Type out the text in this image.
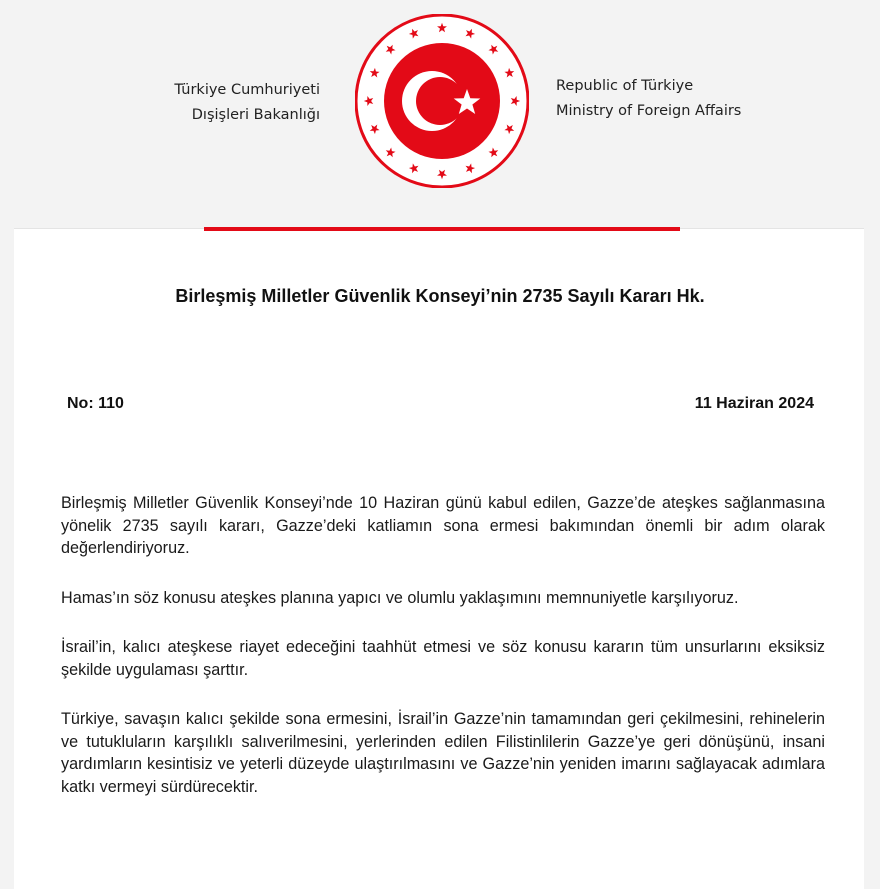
Türkiye Cumhuriyeti
Dışişleri Bakanlığı
Republic of Türkiye
Ministry of Foreign Affairs
Birleşmiş Milletler Güvenlik Konseyi’nin 2735 Sayılı Kararı Hk.
No: 110	11 Haziran 2024

Birleşmiş Milletler Güvenlik Konseyi’nde 10 Haziran günü kabul edilen, Gazze’de ateşkes sağlanmasına yönelik 2735 sayılı kararı, Gazze’deki katliamın sona ermesi bakımından önemli bir adım olarak değerlendiriyoruz.

Hamas’ın söz konusu ateşkes planına yapıcı ve olumlu yaklaşımını memnuniyetle karşılıyoruz.

İsrail’in, kalıcı ateşkese riayet edeceğini taahhüt etmesi ve söz konusu kararın tüm unsurlarını eksiksiz şekilde uygulaması şarttır.

Türkiye, savaşın kalıcı şekilde sona ermesini, İsrail’in Gazze’nin tamamından geri çekilmesini, rehinelerin ve tutukluların karşılıklı salıverilmesini, yerlerinden edilen Filistinlilerin Gazze’ye geri dönüşünü, insani yardımların kesintisiz ve yeterli düzeyde ulaştırılmasını ve Gazze’nin yeniden imarını sağlayacak adımlara katkı vermeyi sürdürecektir.
